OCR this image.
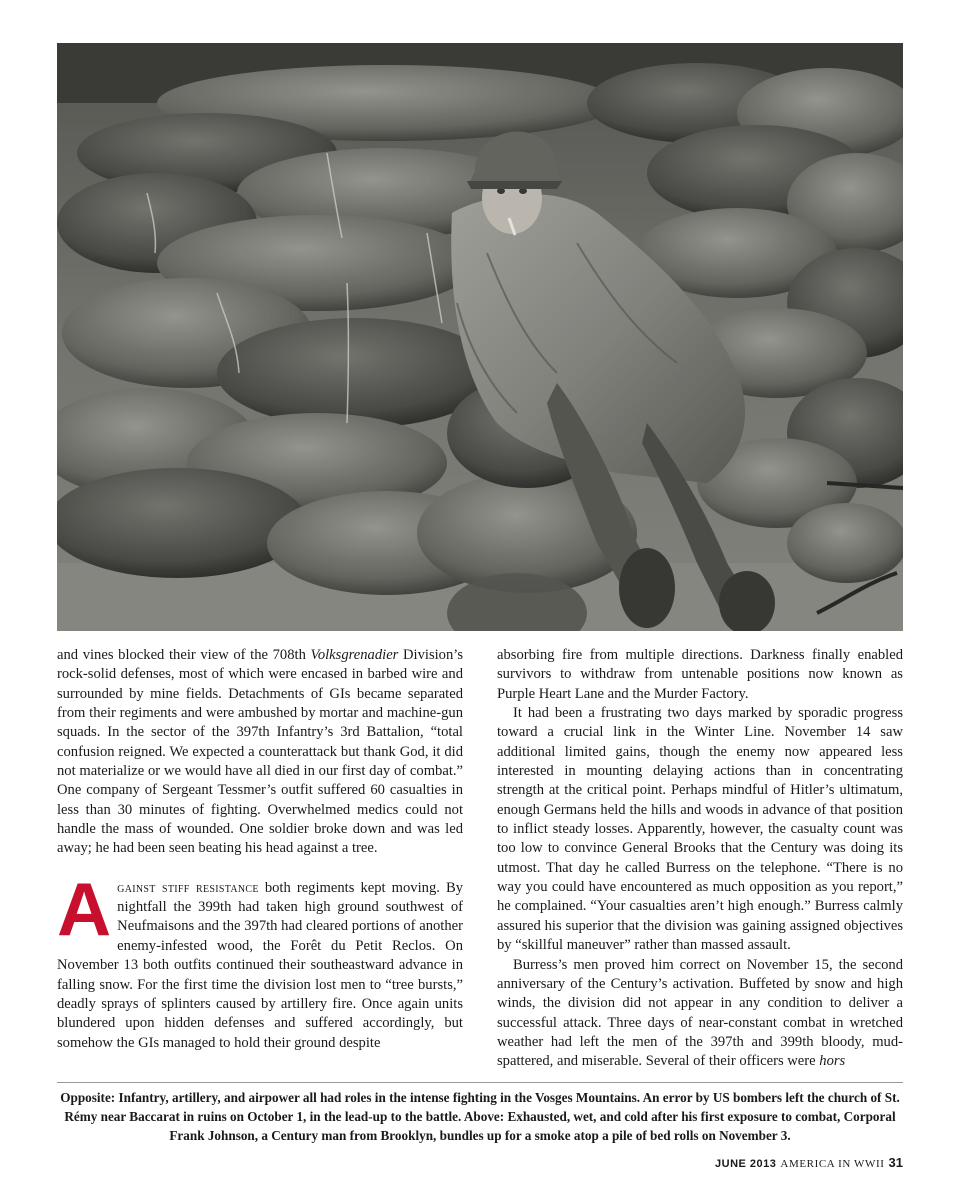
and vines blocked their view of the 708th Volksgrenadier Division’s rock-solid defenses, most of which were encased in barbed wire and surrounded by mine fields. Detachments of GIs became separated from their regiments and were ambushed by mortar and machine-gun squads. In the sector of the 397th Infantry’s 3rd Battalion, “total confusion reigned. We expected a counterattack but thank God, it did not materialize or we would have all died in our first day of combat.” One company of Sergeant Tessmer’s outfit suffered 60 casualties in less than 30 minutes of fighting. Overwhelmed medics could not handle the mass of wounded. One soldier broke down and was led away; he had been seen beating his head against a tree.

Against stiff resistance both regiments kept moving. By nightfall the 399th had taken high ground southwest of Neufmaisons and the 397th had cleared portions of another enemy-infested wood, the Forêt du Petit Reclos. On November 13 both outfits continued their southeastward advance in falling snow. For the first time the division lost men to “tree bursts,” deadly sprays of splinters caused by artillery fire. Once again units blundered upon hidden defenses and suffered accordingly, but somehow the GIs managed to hold their ground despite

absorbing fire from multiple directions. Darkness finally enabled survivors to withdraw from untenable positions now known as Purple Heart Lane and the Murder Factory.

It had been a frustrating two days marked by sporadic progress toward a crucial link in the Winter Line. November 14 saw additional limited gains, though the enemy now appeared less interested in mounting delaying actions than in concentrating strength at the critical point. Perhaps mindful of Hitler’s ultimatum, enough Germans held the hills and woods in advance of that position to inflict steady losses. Apparently, however, the casualty count was too low to convince General Brooks that the Century was doing its utmost. That day he called Burress on the telephone. “There is no way you could have encountered as much opposition as you report,” he complained. “Your casualties aren’t high enough.” Burress calmly assured his superior that the division was gaining assigned objectives by “skillful maneuver” rather than massed assault.

Burress’s men proved him correct on November 15, the second anniversary of the Century’s activation. Buffeted by snow and high winds, the division did not appear in any condition to deliver a successful attack. Three days of near-constant combat in wretched weather had left the men of the 397th and 399th bloody, mud-spattered, and miserable. Several of their officers were hors

Opposite: Infantry, artillery, and airpower all had roles in the intense fighting in the Vosges Mountains. An error by US bombers left the church of St. Rémy near Baccarat in ruins on October 1, in the lead-up to the battle. Above: Exhausted, wet, and cold after his first exposure to combat, Corporal Frank Johnson, a Century man from Brooklyn, bundles up for a smoke atop a pile of bed rolls on November 3.
JUNE 2013 AMERICA IN WWII 31
